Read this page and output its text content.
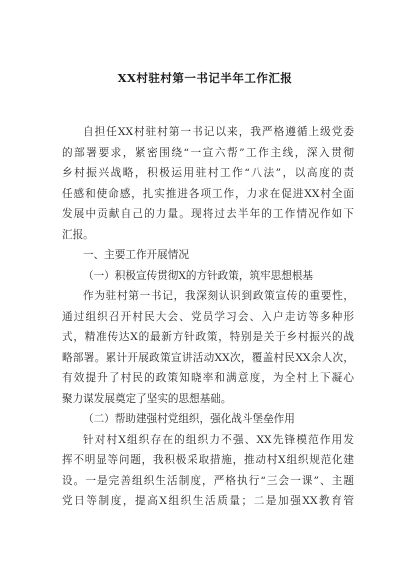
XX村驻村第一书记半年工作汇报
自担任XX村驻村第一书记以来，我严格遵循上级党委
的部署要求，紧密围绕“一宣六帮”工作主线，深入贯彻
乡村振兴战略，积极运用驻村工作“八法”，以高度的责
任感和使命感，扎实推进各项工作，力求在促进XX村全面
发展中贡献自己的力量。现将过去半年的工作情况作如下
汇报。
一、主要工作开展情况
（一）积极宣传贯彻X的方针政策，筑牢思想根基
作为驻村第一书记，我深刻认识到政策宣传的重要性，
通过组织召开村民大会、党员学习会、入户走访等多种形
式，精准传达X的最新方针政策，特别是关于乡村振兴的战
略部署。累计开展政策宣讲活动XX次，覆盖村民XX余人次，
有效提升了村民的政策知晓率和满意度，为全村上下凝心
聚力谋发展奠定了坚实的思想基础。
（二）帮助建强村党组织，强化战斗堡垒作用
针对村X组织存在的组织力不强、XX先锋模范作用发
挥不明显等问题，我积极采取措施，推动村X组织规范化建
设。一是完善组织生活制度，严格执行“三会一课”、主题
党日等制度，提高X组织生活质量；二是加强XX教育管
